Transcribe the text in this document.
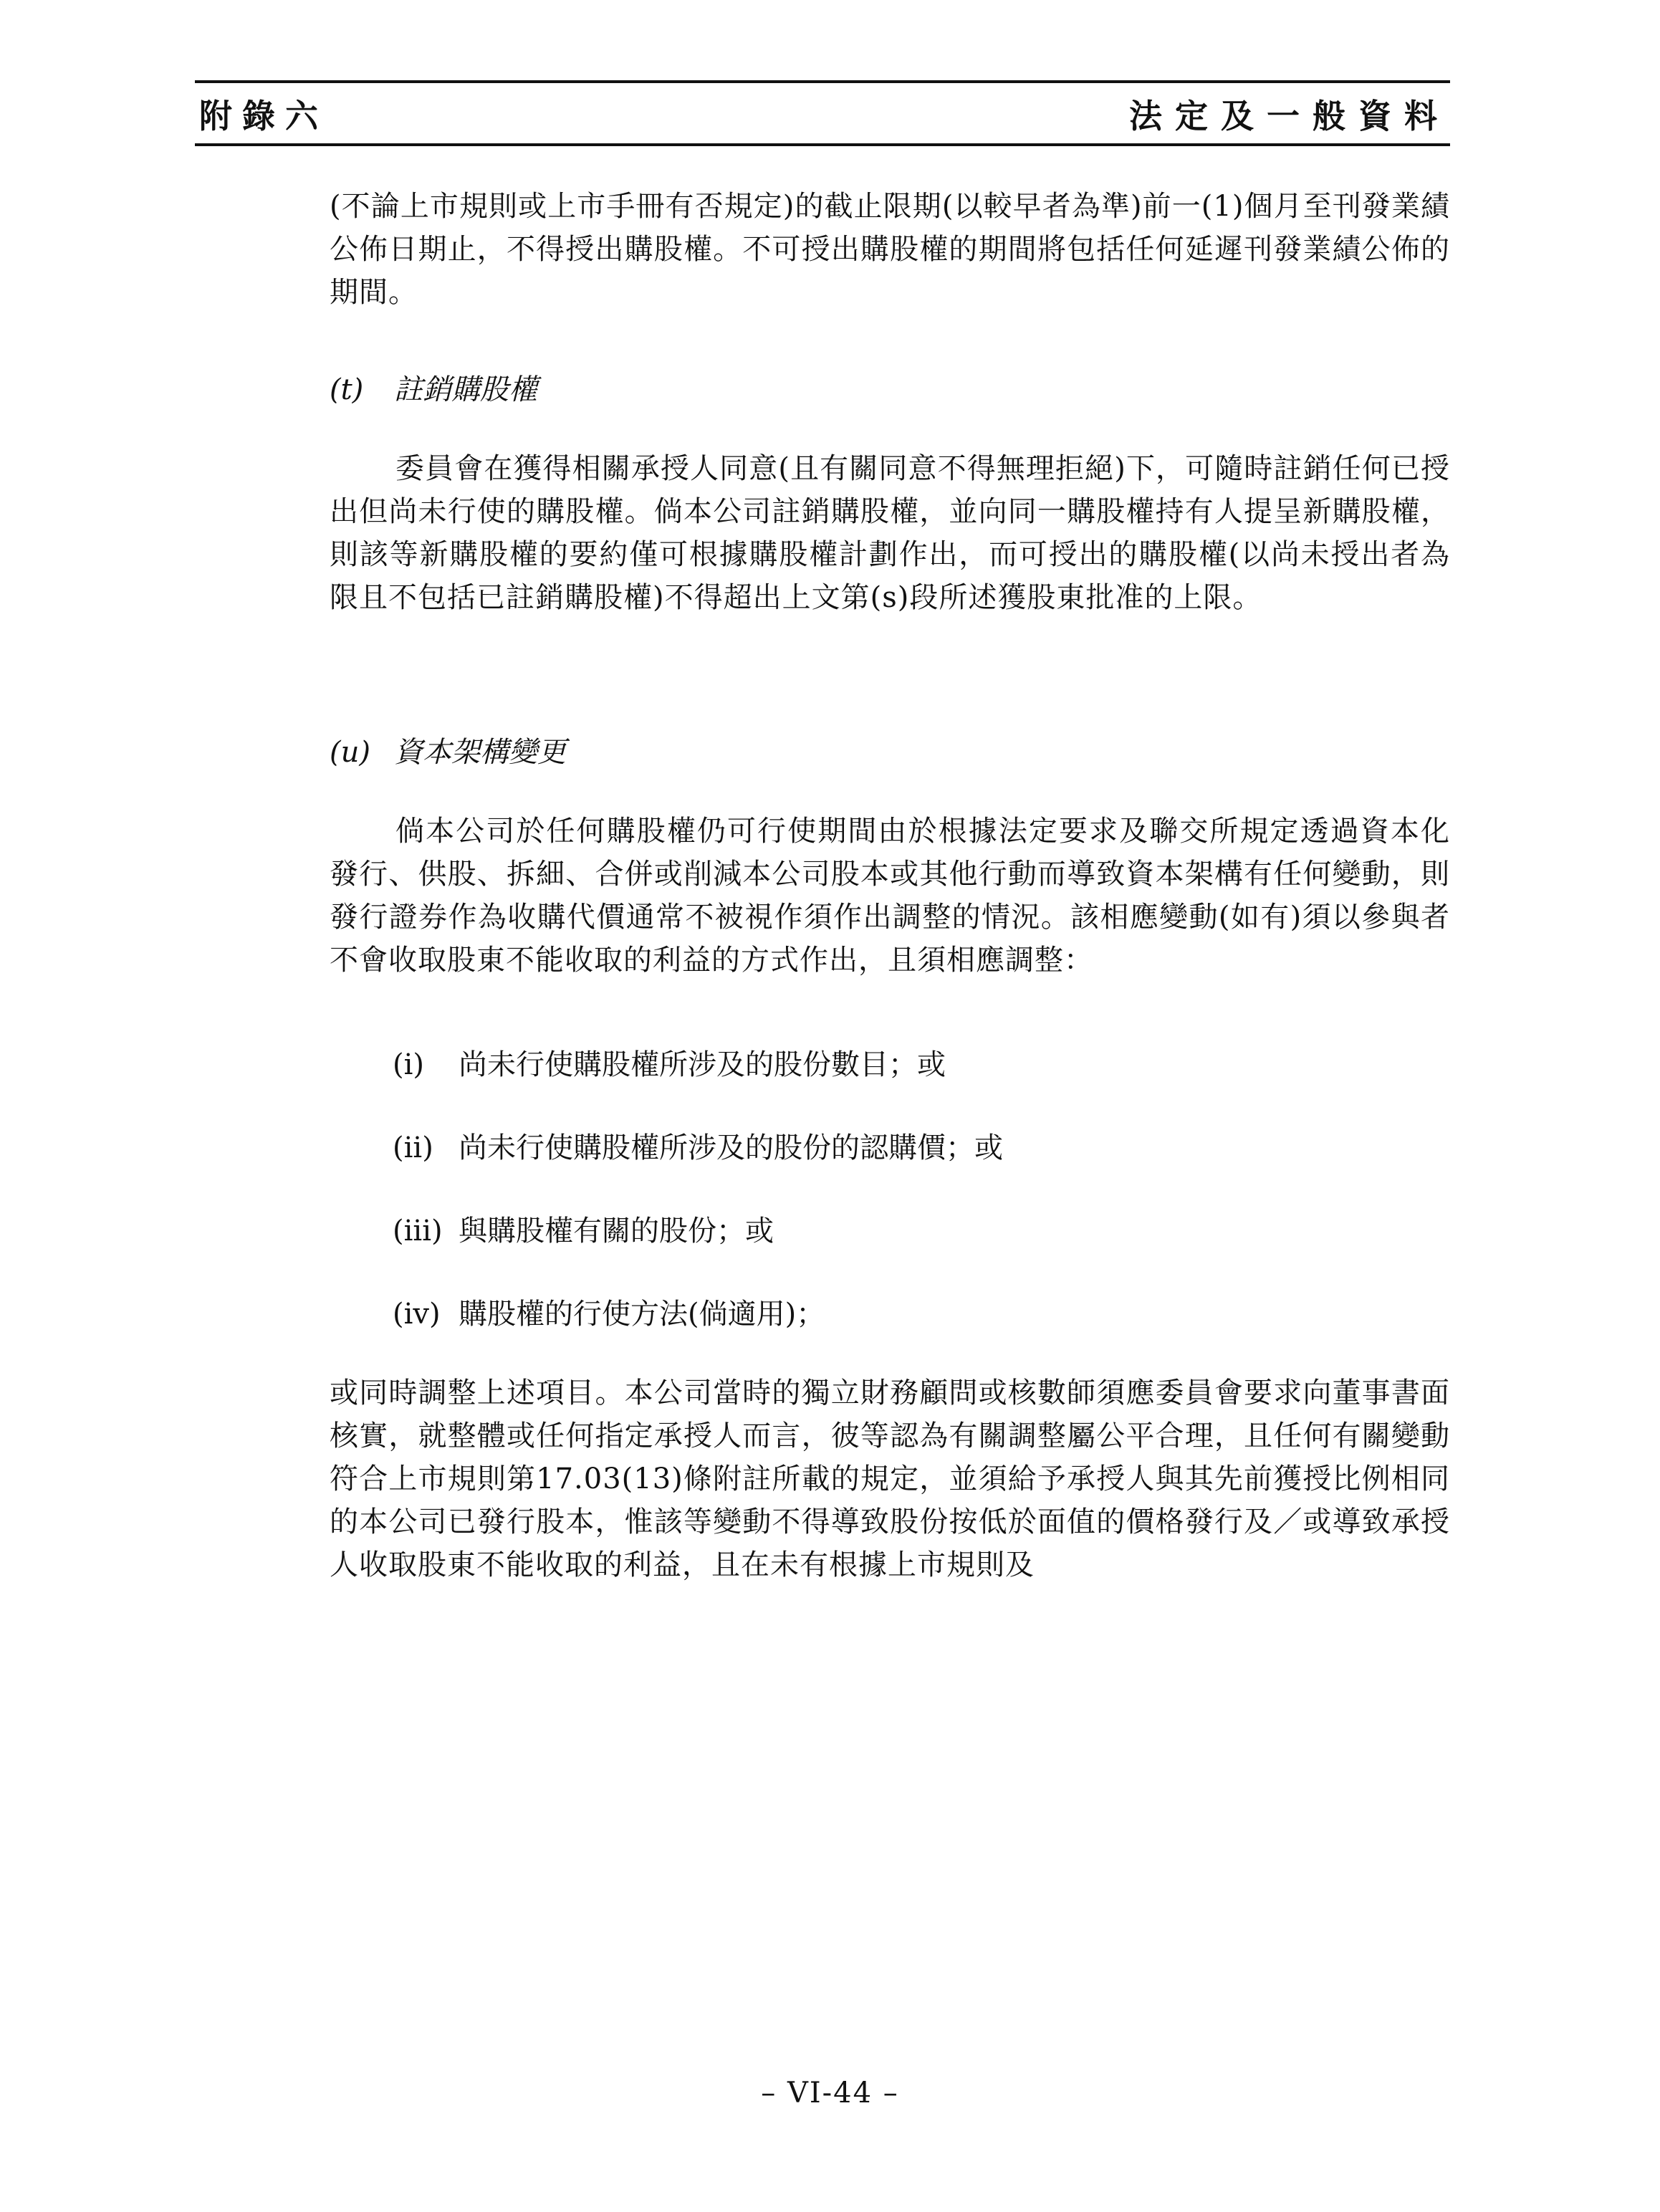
附錄六	法定及一般資料

(不論上市規則或上市手冊有否規定)的截止限期(以較早者為準)前一(1)個月至刊發業績公佈日期止，不得授出購股權。不可授出購股權的期間將包括任何延遲刊發業績公佈的期間。

(t) 註銷購股權

委員會在獲得相關承授人同意(且有關同意不得無理拒絕)下，可隨時註銷任何已授出但尚未行使的購股權。倘本公司註銷購股權，並向同一購股權持有人提呈新購股權，則該等新購股權的要約僅可根據購股權計劃作出，而可授出的購股權(以尚未授出者為限且不包括已註銷購股權)不得超出上文第(s)段所述獲股東批准的上限。

(u) 資本架構變更

倘本公司於任何購股權仍可行使期間由於根據法定要求及聯交所規定透過資本化發行、供股、拆細、合併或削減本公司股本或其他行動而導致資本架構有任何變動，則發行證券作為收購代價通常不被視作須作出調整的情況。該相應變動(如有)須以參與者不會收取股東不能收取的利益的方式作出，且須相應調整：

(i) 尚未行使購股權所涉及的股份數目；或
(ii) 尚未行使購股權所涉及的股份的認購價；或
(iii) 與購股權有關的股份；或
(iv) 購股權的行使方法(倘適用)；

或同時調整上述項目。本公司當時的獨立財務顧問或核數師須應委員會要求向董事書面核實，就整體或任何指定承授人而言，彼等認為有關調整屬公平合理，且任何有關變動符合上市規則第17.03(13)條附註所載的規定，並須給予承授人與其先前獲授比例相同的本公司已發行股本，惟該等變動不得導致股份按低於面值的價格發行及／或導致承授人收取股東不能收取的利益，且在未有根據上市規則及

– VI-44 –
